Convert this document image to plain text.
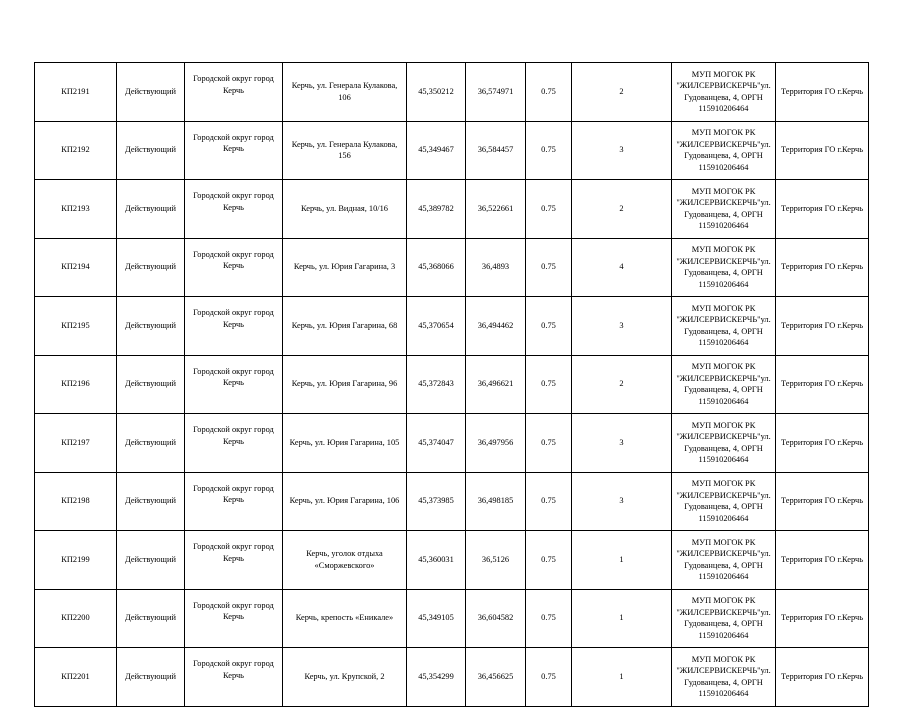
КП2191	Действующий	Городской округ город Керчь	Керчь, ул. Генерала Кулакова, 106	45,350212	36,574971	0.75	2	МУП МОГОК РК "ЖИЛСЕРВИСКЕРЧЬ"ул. Гудованцева, 4, ОРГН 115910206464	Территория ГО г.Керчь
КП2192	Действующий	Городской округ город Керчь	Керчь, ул. Генерала Кулакова, 156	45,349467	36,584457	0.75	3	МУП МОГОК РК "ЖИЛСЕРВИСКЕРЧЬ"ул. Гудованцева, 4, ОРГН 115910206464	Территория ГО г.Керчь
КП2193	Действующий	Городской округ город Керчь	Керчь, ул. Видная, 10/16	45,389782	36,522661	0.75	2	МУП МОГОК РК "ЖИЛСЕРВИСКЕРЧЬ"ул. Гудованцева, 4, ОРГН 115910206464	Территория ГО г.Керчь
КП2194	Действующий	Городской округ город Керчь	Керчь, ул. Юрия Гагарина, 3	45,368066	36,4893	0.75	4	МУП МОГОК РК "ЖИЛСЕРВИСКЕРЧЬ"ул. Гудованцева, 4, ОРГН 115910206464	Территория ГО г.Керчь
КП2195	Действующий	Городской округ город Керчь	Керчь, ул. Юрия Гагарина, 68	45,370654	36,494462	0.75	3	МУП МОГОК РК "ЖИЛСЕРВИСКЕРЧЬ"ул. Гудованцева, 4, ОРГН 115910206464	Территория ГО г.Керчь
КП2196	Действующий	Городской округ город Керчь	Керчь, ул. Юрия Гагарина, 96	45,372843	36,496621	0.75	2	МУП МОГОК РК "ЖИЛСЕРВИСКЕРЧЬ"ул. Гудованцева, 4, ОРГН 115910206464	Территория ГО г.Керчь
КП2197	Действующий	Городской округ город Керчь	Керчь, ул. Юрия Гагарина, 105	45,374047	36,497956	0.75	3	МУП МОГОК РК "ЖИЛСЕРВИСКЕРЧЬ"ул. Гудованцева, 4, ОРГН 115910206464	Территория ГО г.Керчь
КП2198	Действующий	Городской округ город Керчь	Керчь, ул. Юрия Гагарина, 106	45,373985	36,498185	0.75	3	МУП МОГОК РК "ЖИЛСЕРВИСКЕРЧЬ"ул. Гудованцева, 4, ОРГН 115910206464	Территория ГО г.Керчь
КП2199	Действующий	Городской округ город Керчь	Керчь, уголок отдыха «Сморжевского»	45,360031	36,5126	0.75	1	МУП МОГОК РК "ЖИЛСЕРВИСКЕРЧЬ"ул. Гудованцева, 4, ОРГН 115910206464	Территория ГО г.Керчь
КП2200	Действующий	Городской округ город Керчь	Керчь, крепость «Еникале»	45,349105	36,604582	0.75	1	МУП МОГОК РК "ЖИЛСЕРВИСКЕРЧЬ"ул. Гудованцева, 4, ОРГН 115910206464	Территория ГО г.Керчь
КП2201	Действующий	Городской округ город Керчь	Керчь, ул. Крупской, 2	45,354299	36,456625	0.75	1	МУП МОГОК РК "ЖИЛСЕРВИСКЕРЧЬ"ул. Гудованцева, 4, ОРГН 115910206464	Территория ГО г.Керчь
